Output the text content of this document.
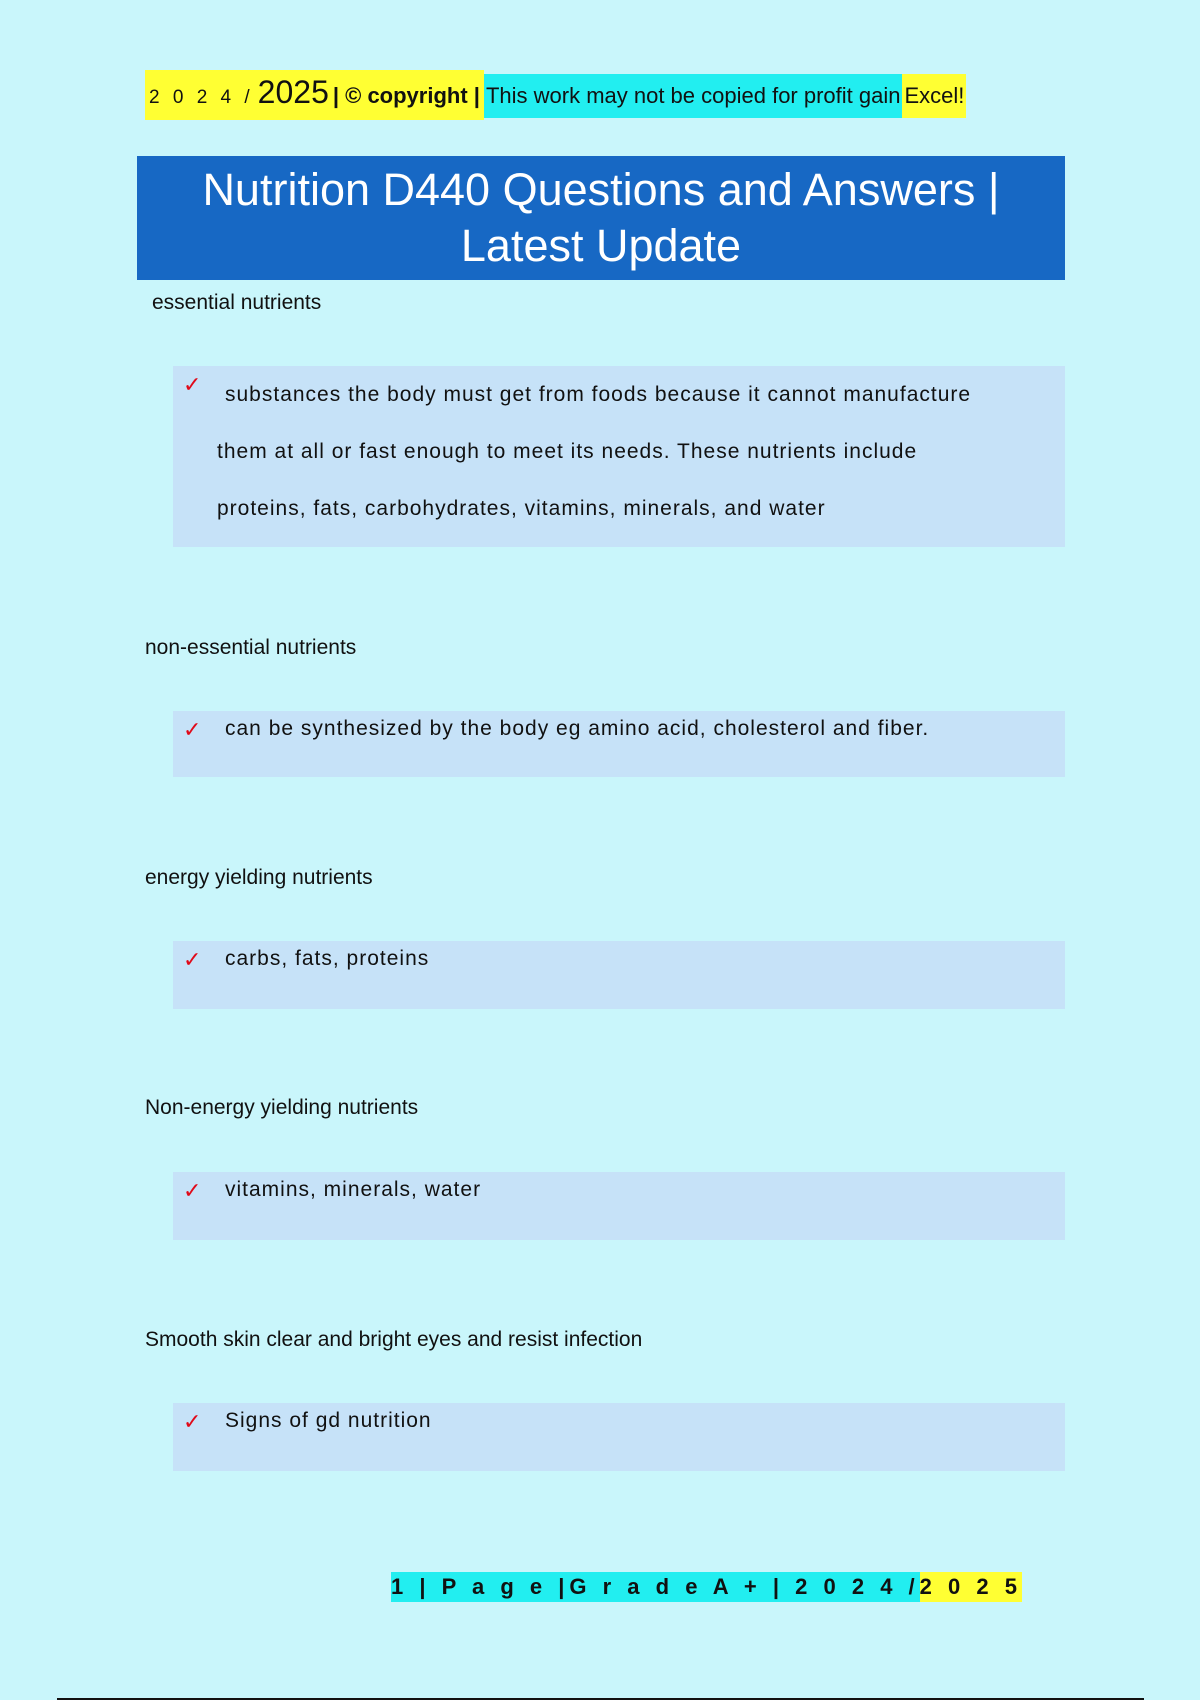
2 0 2 4 / 2025| © copyright |This work may not be copied for profit gainExcel!
Nutrition D440 Questions and Answers |
Latest Update
essential nutrients
✓	substances the body must get from foods because it cannot manufacture
them at all or fast enough to meet its needs. These nutrients include
proteins, fats, carbohydrates, vitamins, minerals, and water
non-essential nutrients
✓ can be synthesized by the body eg amino acid, cholesterol and fiber.
energy yielding nutrients
✓ carbs, fats, proteins
Non-energy yielding nutrients
✓ vitamins, minerals, water
Smooth skin clear and bright eyes and resist infection
✓ Signs of gd nutrition
1 | P a g e |G r a d e A + | 2 0 2 4 /2 0 2 5
